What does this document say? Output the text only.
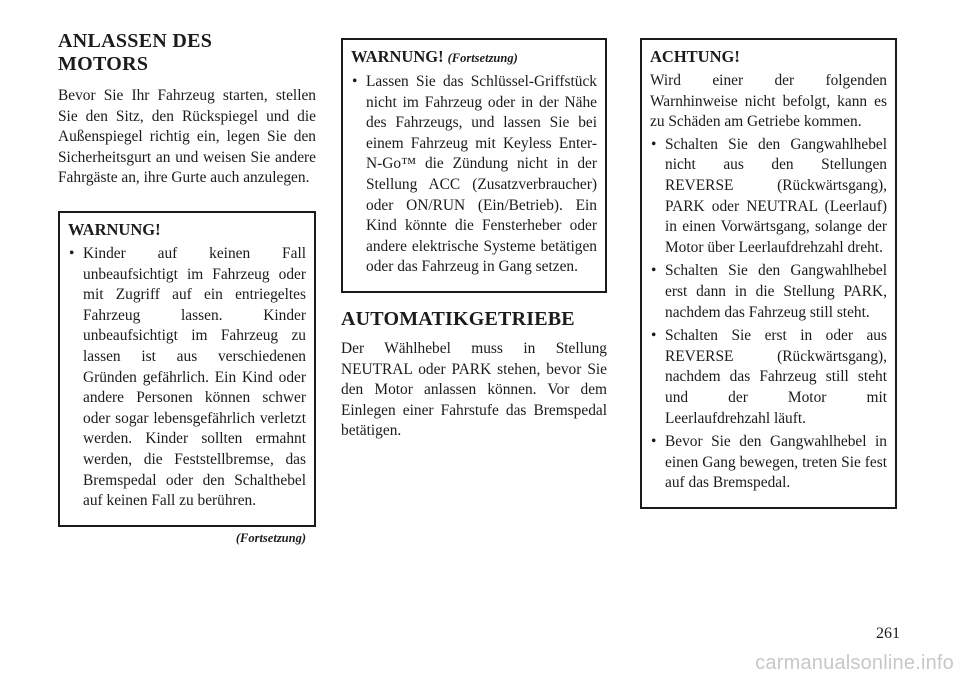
ANLASSEN DES
MOTORS

Bevor Sie Ihr Fahrzeug starten, stellen Sie den Sitz, den Rückspiegel und die Außenspiegel richtig ein, legen Sie den Sicherheitsgurt an und weisen Sie andere Fahrgäste an, ihre Gurte auch anzulegen.

WARNUNG!
• Kinder auf keinen Fall unbeaufsichtigt im Fahrzeug oder mit Zugriff auf ein entriegeltes Fahrzeug lassen. Kinder unbeaufsichtigt im Fahrzeug zu lassen ist aus verschiedenen Gründen gefährlich. Ein Kind oder andere Personen können schwer oder sogar lebensgefährlich verletzt werden. Kinder sollten ermahnt werden, die Feststellbremse, das Bremspedal oder den Schalthebel auf keinen Fall zu berühren.
(Fortsetzung)
WARNUNG! (Fortsetzung)
• Lassen Sie das Schlüssel-Griffstück nicht im Fahrzeug oder in der Nähe des Fahrzeugs, und lassen Sie bei einem Fahrzeug mit Keyless Enter-N-Go™ die Zündung nicht in der Stellung ACC (Zusatzverbraucher) oder ON/RUN (Ein/Betrieb). Ein Kind könnte die Fensterheber oder andere elektrische Systeme betätigen oder das Fahrzeug in Gang setzen.
AUTOMATIKGETRIEBE

Der Wählhebel muss in Stellung NEUTRAL oder PARK stehen, bevor Sie den Motor anlassen können. Vor dem Einlegen einer Fahrstufe das Bremspedal betätigen.

ACHTUNG!

Wird einer der folgenden Warnhinweise nicht befolgt, kann es zu Schäden am Getriebe kommen.

• Schalten Sie den Gangwahlhebel nicht aus den Stellungen REVERSE (Rückwärtsgang), PARK oder NEUTRAL (Leerlauf) in einen Vorwärtsgang, solange der Motor über Leerlaufdrehzahl dreht.
• Schalten Sie den Gangwahlhebel erst dann in die Stellung PARK, nachdem das Fahrzeug still steht.
• Schalten Sie erst in oder aus REVERSE (Rückwärtsgang), nachdem das Fahrzeug still steht und der Motor mit Leerlaufdrehzahl läuft.
• Bevor Sie den Gangwahlhebel in einen Gang bewegen, treten Sie fest auf das Bremspedal.
261
carmanualsonline.info
